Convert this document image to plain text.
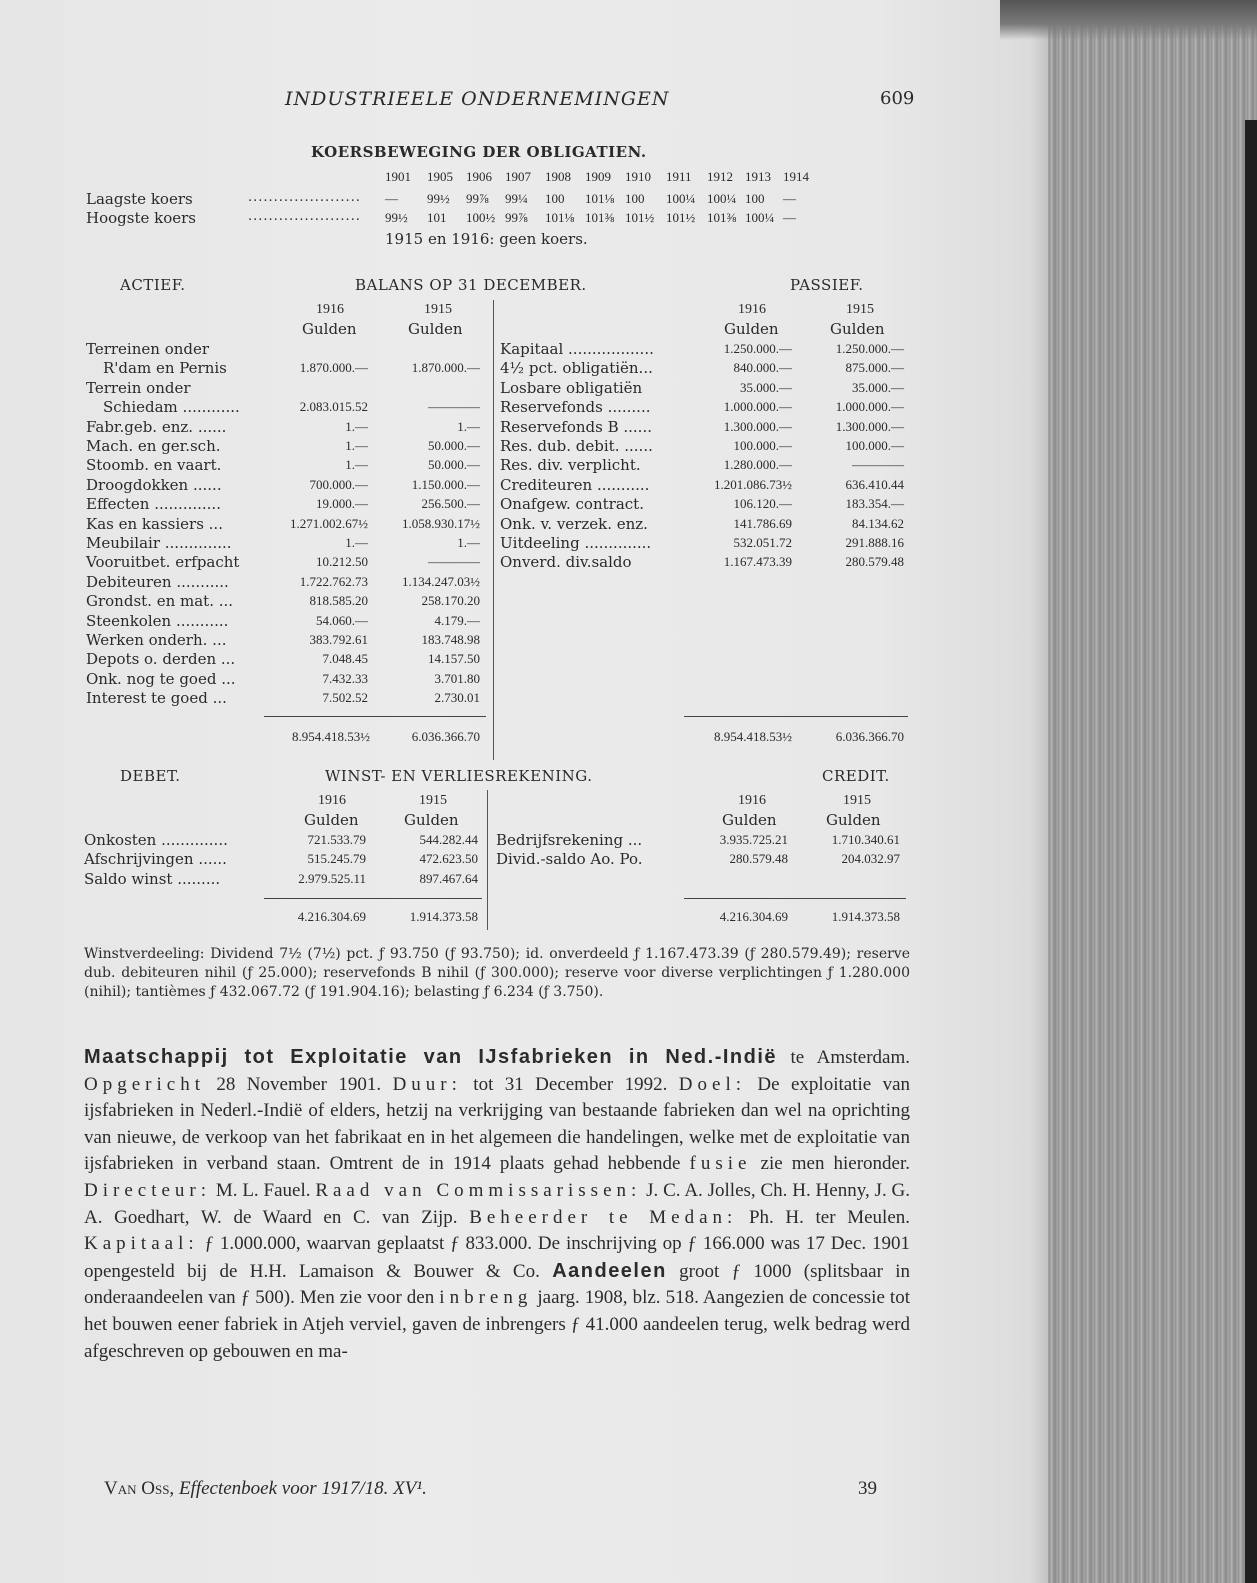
INDUSTRIEELE ONDERNEMINGEN	609
KOERSBEWEGING DER OBLIGATIEN.
1901 1905 1906 1907 1908 1909 1910 1911 1912 1913 1914
Laagste koers	...................... — 99½ 99⅞ 99¼ 100 101⅛ 100 100¼ 100¼ 100 —
Hoogste koers	...................... 99½ 101 100½ 99⅞ 101⅛ 101⅜ 101½ 101½ 101⅜ 100¼ —
1915 en 1916: geen koers.
ACTIEF.	BALANS OP 31 DECEMBER.	PASSIEF.
1916	1915
Gulden	Gulden
1916	1915
Gulden	Gulden
Terreinen onder
R'dam en Pernis	1.870.000.—	1.870.000.—
Terrein onder
Schiedam ............	2.083.015.52	————
Fabr.geb. enz. ......	1.—	1.—
Mach. en ger.sch.	1.—	50.000.—
Stoomb. en vaart.	1.—	50.000.—
Droogdokken ......	700.000.—	1.150.000.—
Effecten ..............	19.000.—	256.500.—
Kas en kassiers ...	1.271.002.67½	1.058.930.17½
Meubilair ..............	1.—	1.—
Vooruitbet. erfpacht	10.212.50	————
Debiteuren ...........	1.722.762.73	1.134.247.03½
Grondst. en mat. ...	818.585.20	258.170.20
Steenkolen ...........	54.060.—	4.179.—
Werken onderh. ...	383.792.61	183.748.98
Depots o. derden ...	7.048.45	14.157.50
Onk. nog te goed ...	7.432.33	3.701.80
Interest te goed ...	7.502.52	2.730.01
8.954.418.53½	6.036.366.70
Kapitaal ..................	1.250.000.—	1.250.000.—
4½ pct. obligatiën...	840.000.—	875.000.—
Losbare obligatiën	35.000.—	35.000.—
Reservefonds .........	1.000.000.—	1.000.000.—
Reservefonds B ......	1.300.000.—	1.300.000.—
Res. dub. debit. ......	100.000.—	100.000.—
Res. div. verplicht.	1.280.000.—	————
Crediteuren ...........	1.201.086.73½	636.410.44
Onafgew. contract.	106.120.—	183.354.—
Onk. v. verzek. enz.	141.786.69	84.134.62
Uitdeeling ..............	532.051.72	291.888.16
Onverd. div.saldo	1.167.473.39	280.579.48
8.954.418.53½	6.036.366.70
DEBET.	WINST- EN VERLIESREKENING.	CREDIT.
1916	1915
Gulden	Gulden
1916	1915
Gulden	Gulden
Onkosten ..............	721.533.79	544.282.44
Afschrijvingen ......	515.245.79	472.623.50
Saldo winst .........	2.979.525.11	897.467.64
4.216.304.69	1.914.373.58
Bedrijfsrekening ...	3.935.725.21	1.710.340.61
Divid.-saldo Ao. Po.	280.579.48	204.032.97
4.216.304.69	1.914.373.58
Winstverdeeling: Dividend 7½ (7½) pct. ƒ 93.750 (ƒ 93.750); id. onverdeeld ƒ 1.167.473.39 (ƒ 280.579.49); reserve dub. debiteuren nihil (ƒ 25.000); reservefonds B nihil (ƒ 300.000); reserve voor diverse verplichtingen ƒ 1.280.000 (nihil); tantièmes ƒ 432.067.72 (ƒ 191.904.16); belasting ƒ 6.234 (ƒ 3.750).
Maatschappij tot Exploitatie van IJsfabrieken in Ned.-Indië te Amsterdam. Opgericht 28 November 1901. Duur: tot 31 December 1992. Doel: De exploitatie van ijsfabrieken in Nederl.-Indië of elders, hetzij na verkrijging van bestaande fabrieken dan wel na oprichting van nieuwe, de verkoop van het fabrikaat en in het algemeen die handelingen, welke met de exploitatie van ijsfabrieken in verband staan. Omtrent de in 1914 plaats gehad hebbende fusie zie men hieronder. Directeur: M. L. Fauel. Raad van Commissarissen: J. C. A. Jolles, Ch. H. Henny, J. G. A. Goedhart, W. de Waard en C. van Zijp. Beheerder te Medan: Ph. H. ter Meulen. Kapitaal: ƒ 1.000.000, waarvan geplaatst ƒ 833.000. De inschrijving op ƒ 166.000 was 17 Dec. 1901 opengesteld bij de H.H. Lamaison & Bouwer & Co. Aandeelen groot ƒ 1000 (splitsbaar in onderaandeelen van ƒ 500). Men zie voor den inbreng jaarg. 1908, blz. 518. Aangezien de concessie tot het bouwen eener fabriek in Atjeh verviel, gaven de inbrengers ƒ 41.000 aandeelen terug, welk bedrag werd afgeschreven op gebouwen en ma-
Van Oss, Effectenboek voor 1917/18. XV¹.	39
